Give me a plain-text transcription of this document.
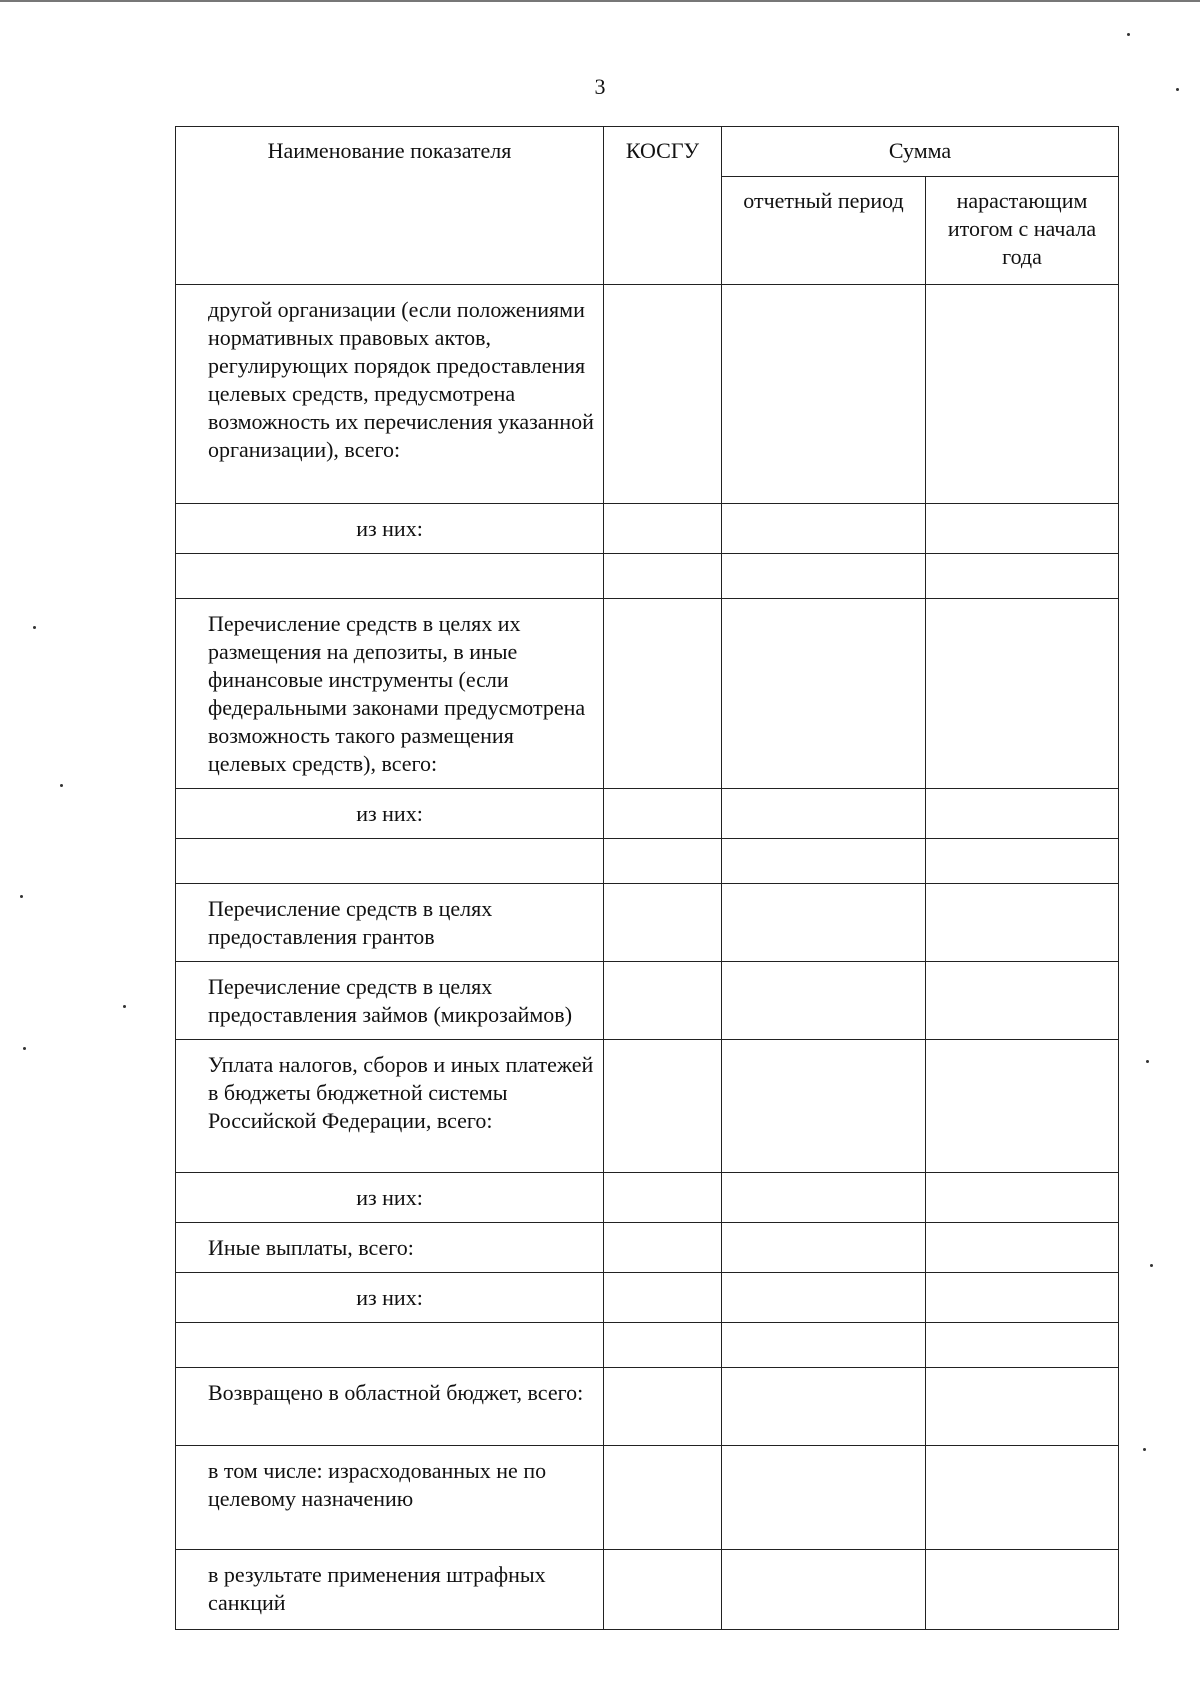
3
Наименование показателя	КОСГУ	Сумма	
		отчетный период	нарастающим итогом с начала года
другой организации (если положениями нормативных правовых актов, регулирующих порядок предоставления целевых средств, предусмотрена возможность их перечисления указанной организации), всего:			
из них:			

Перечисление средств в целях их размещения на депозиты, в иные финансовые инструменты (если федеральными законами предусмотрена возможность такого размещения целевых средств), всего:			
из них:			

Перечисление средств в целях предоставления грантов			
Перечисление средств в целях предоставления займов (микрозаймов)			
Уплата налогов, сборов и иных платежей в бюджеты бюджетной системы Российской Федерации, всего:			
из них:			
Иные выплаты, всего:			
из них:			

Возвращено в областной бюджет, всего:			
в том числе: израсходованных не по целевому назначению			
в результате применения штрафных санкций			
